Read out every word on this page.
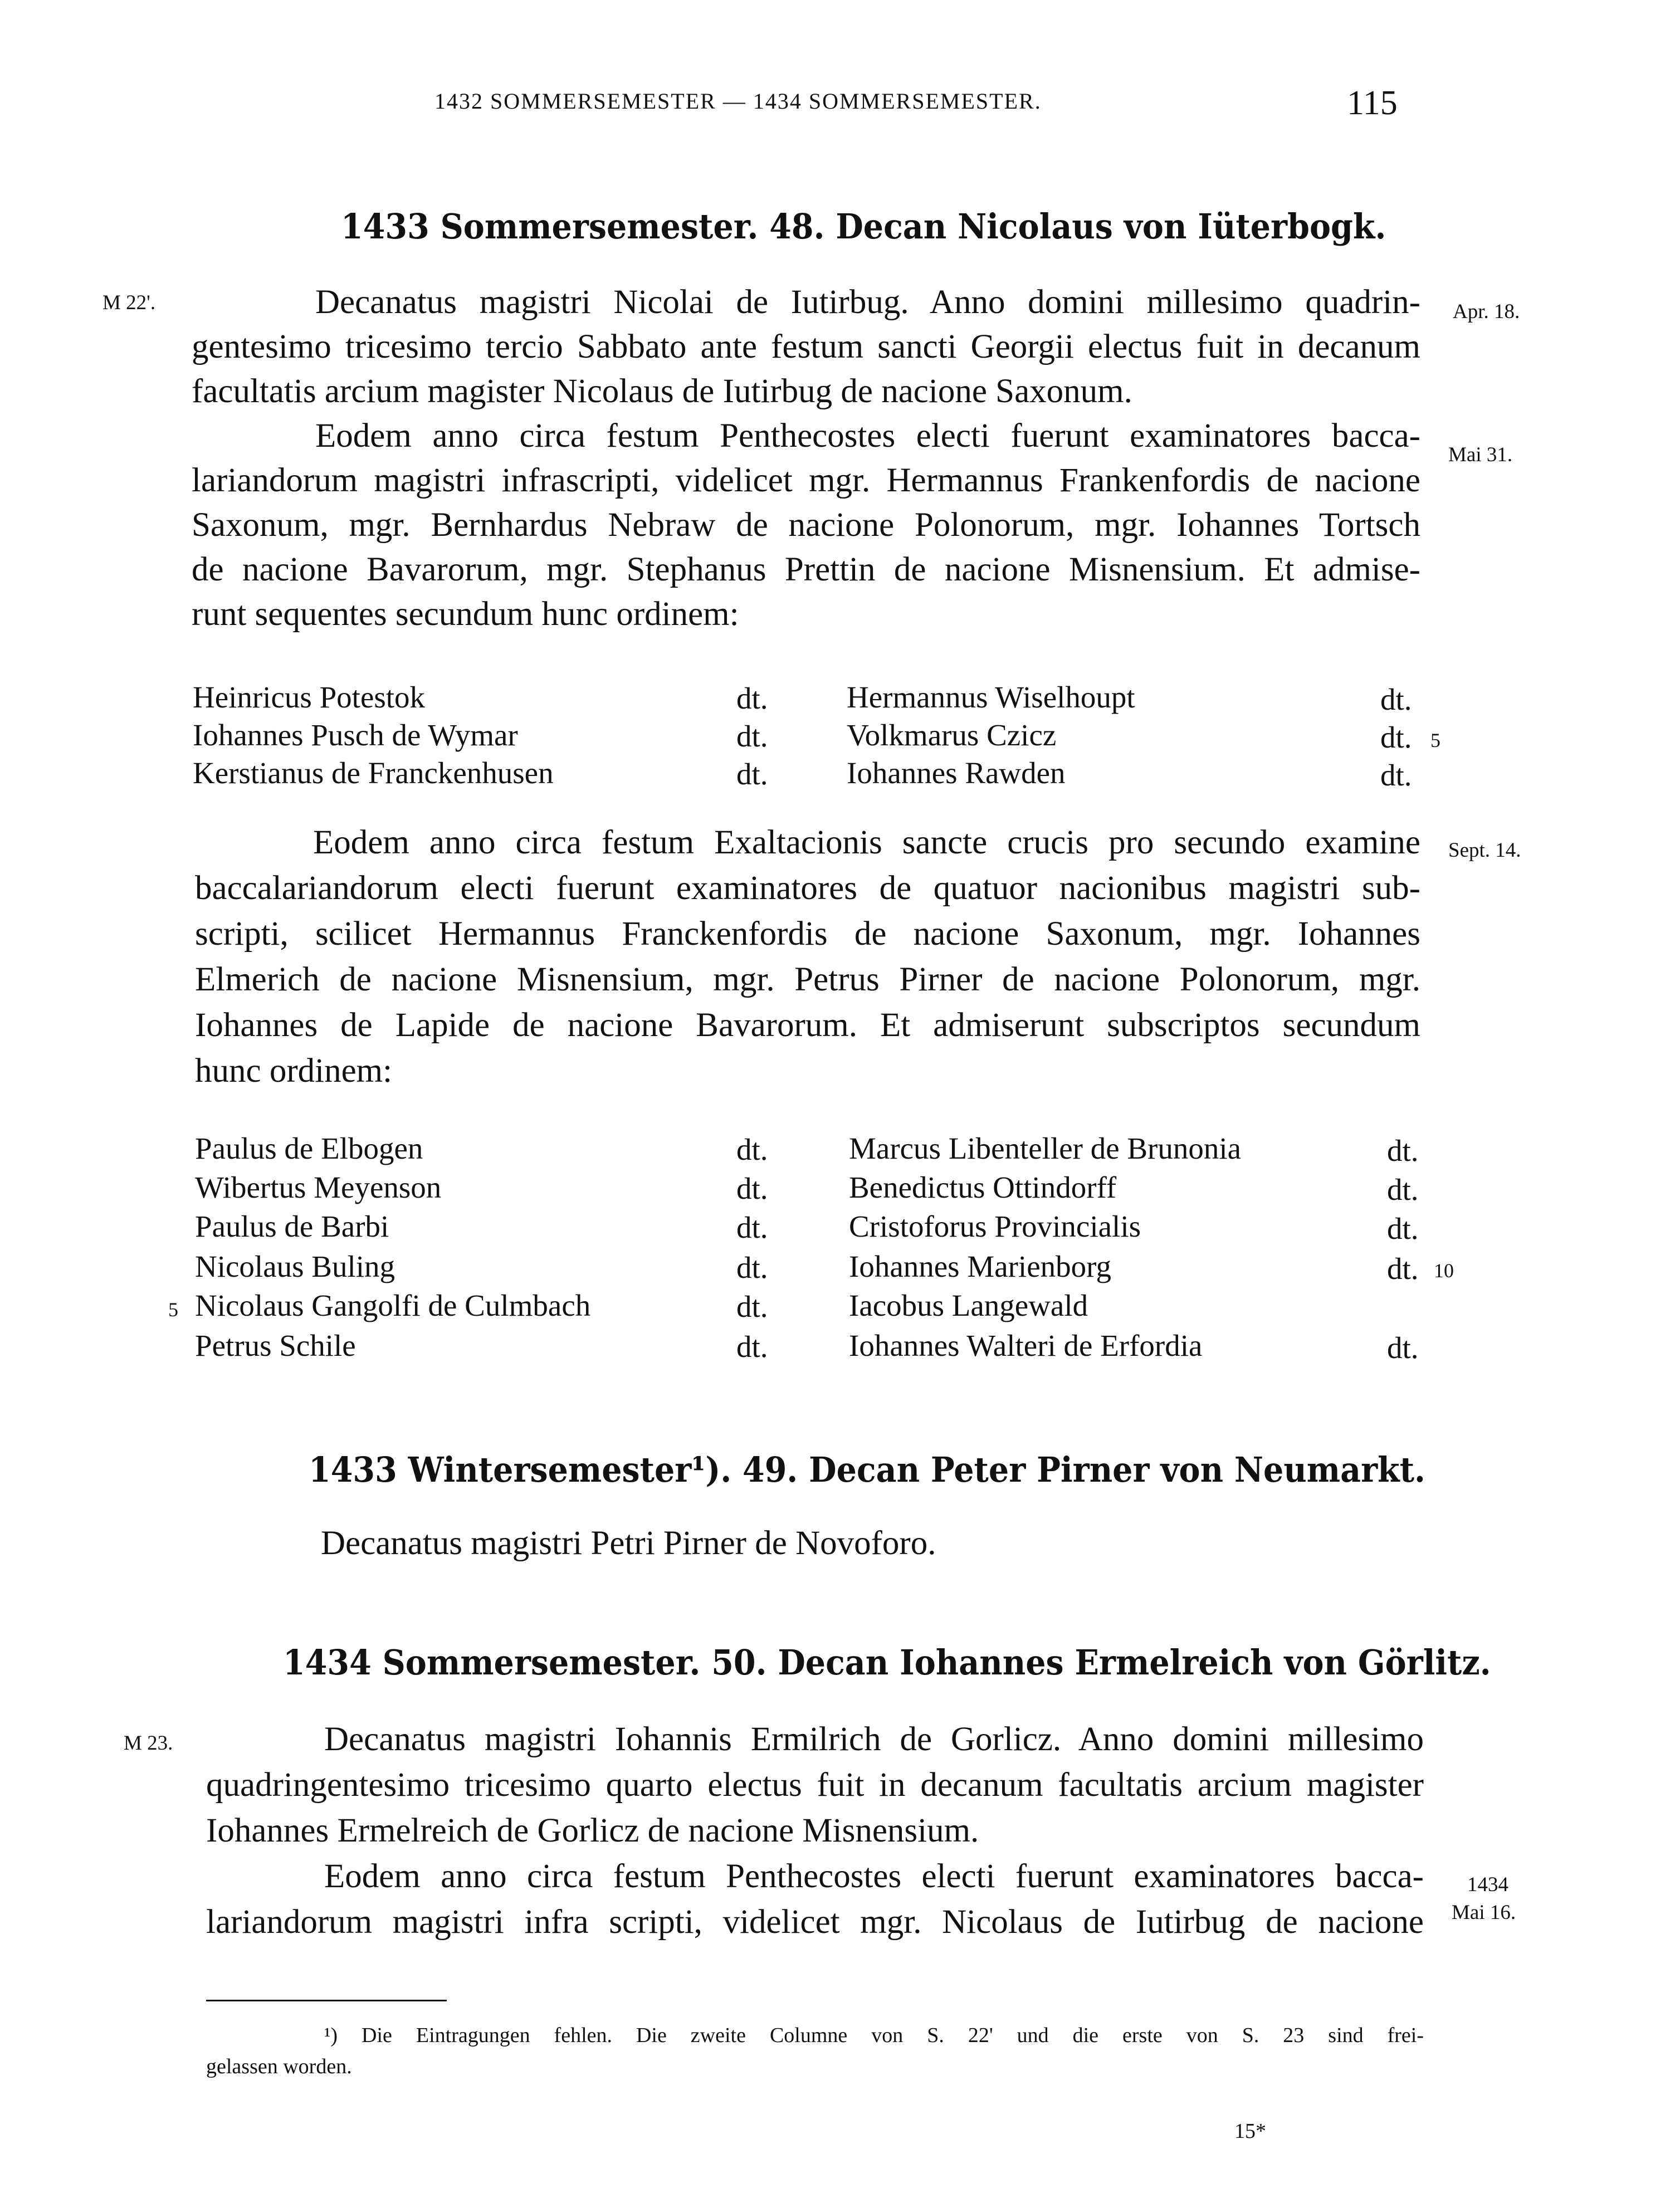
1432 SOMMERSEMESTER — 1434 SOMMERSEMESTER.	115
1433 Sommersemester. 48. Decan Nicolaus von Iüterbogk.
M 22'.	Apr. 18.
Mai 31.
Decanatus magistri Nicolai de Iutirbug. Anno domini millesimo quadrin-
gentesimo tricesimo tercio Sabbato ante festum sancti Georgii electus fuit in decanum
facultatis arcium magister Nicolaus de Iutirbug de nacione Saxonum.
Eodem anno circa festum Penthecostes electi fuerunt examinatores bacca-
lariandorum magistri infrascripti, videlicet mgr. Hermannus Frankenfordis de nacione
Saxonum, mgr. Bernhardus Nebraw de nacione Polonorum, mgr. Iohannes Tortsch
de nacione Bavarorum, mgr. Stephanus Prettin de nacione Misnensium. Et admise-
runt sequentes secundum hunc ordinem:
Heinricus Potestok	dt.	Hermannus Wiselhoupt	dt.
Iohannes Pusch de Wymar	dt.	Volkmarus Czicz	dt. 5
Kerstianus de Franckenhusen	dt.	Iohannes Rawden	dt.
Sept. 14.
Eodem anno circa festum Exaltacionis sancte crucis pro secundo examine
baccalariandorum electi fuerunt examinatores de quatuor nacionibus magistri sub-
scripti, scilicet Hermannus Franckenfordis de nacione Saxonum, mgr. Iohannes
Elmerich de nacione Misnensium, mgr. Petrus Pirner de nacione Polonorum, mgr.
Iohannes de Lapide de nacione Bavarorum. Et admiserunt subscriptos secundum
hunc ordinem:
Paulus de Elbogen	dt.	Marcus Libenteller de Brunonia	dt.
Wibertus Meyenson	dt.	Benedictus Ottindorff	dt.
Paulus de Barbi	dt.	Cristoforus Provincialis	dt.
Nicolaus Buling	dt.	Iohannes Marienborg	dt. 10
5 Nicolaus Gangolfi de Culmbach	dt.	Iacobus Langewald
Petrus Schile	dt.	Iohannes Walteri de Erfordia	dt.
1433 Wintersemester¹). 49. Decan Peter Pirner von Neumarkt.
Decanatus magistri Petri Pirner de Novoforo.
1434 Sommersemester. 50. Decan Iohannes Ermelreich von Görlitz.
M 23.
1434
Mai 16.
Decanatus magistri Iohannis Ermilrich de Gorlicz. Anno domini millesimo
quadringentesimo tricesimo quarto electus fuit in decanum facultatis arcium magister
Iohannes Ermelreich de Gorlicz de nacione Misnensium.
Eodem anno circa festum Penthecostes electi fuerunt examinatores bacca-
lariandorum magistri infra scripti, videlicet mgr. Nicolaus de Iutirbug de nacione
¹) Die Eintragungen fehlen. Die zweite Columne von S. 22' und die erste von S. 23 sind frei-
gelassen worden.
15*
